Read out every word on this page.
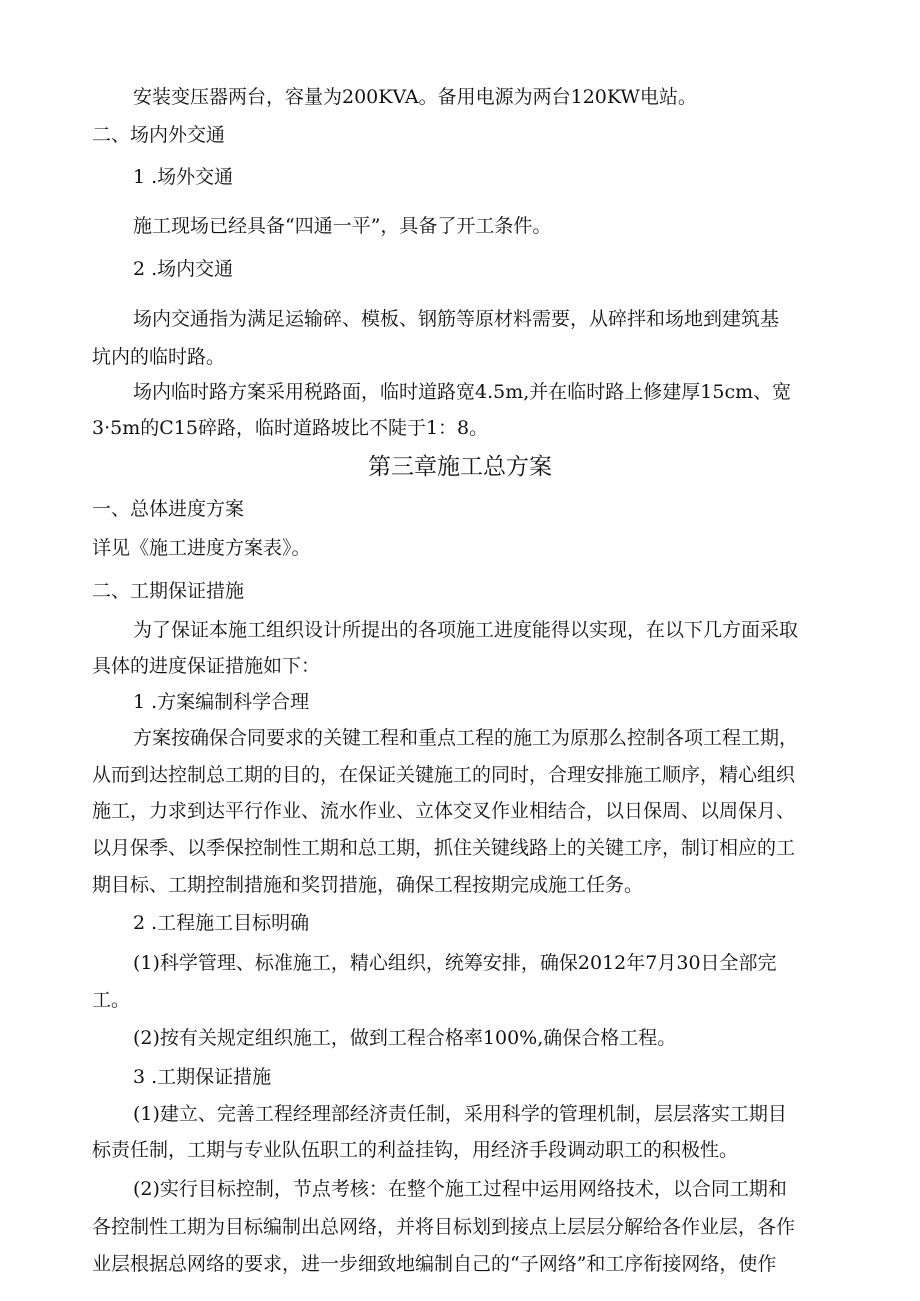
安装变压器两台，容量为200KVA。备用电源为两台120KW电站。

二、场内外交通

1 .场外交通

施工现场已经具备“四通一平”，具备了开工条件。

2 .场内交通

场内交通指为满足运输碎、模板、钢筋等原材料需要，从碎拌和场地到建筑基

坑内的临时路。

场内临时路方案采用税路面，临时道路宽4.5m,并在临时路上修建厚15cm、宽

3·5m的C15碎路，临时道路坡比不陡于1：8。

第三章施工总方案

一、总体进度方案

详见《施工进度方案表》。

二、工期保证措施

为了保证本施工组织设计所提出的各项施工进度能得以实现，在以下几方面采取

具体的进度保证措施如下：

1 .方案编制科学合理

方案按确保合同要求的关键工程和重点工程的施工为原那么控制各项工程工期，

从而到达控制总工期的目的，在保证关键施工的同时，合理安排施工顺序，精心组织

施工，力求到达平行作业、流水作业、立体交叉作业相结合，以日保周、以周保月、

以月保季、以季保控制性工期和总工期，抓住关键线路上的关键工序，制订相应的工

期目标、工期控制措施和奖罚措施，确保工程按期完成施工任务。

2 .工程施工目标明确

(1)科学管理、标准施工，精心组织，统筹安排，确保2012年7月30日全部完

工。

(2)按有关规定组织施工，做到工程合格率100%,确保合格工程。

3 .工期保证措施

(1)建立、完善工程经理部经济责任制，采用科学的管理机制，层层落实工期目

标责任制，工期与专业队伍职工的利益挂钩，用经济手段调动职工的积极性。

(2)实行目标控制，节点考核：在整个施工过程中运用网络技术，以合同工期和

各控制性工期为目标编制出总网络，并将目标划到接点上层层分解给各作业层，各作

业层根据总网络的要求，进一步细致地编制自己的“子网络”和工序衔接网络，使作
